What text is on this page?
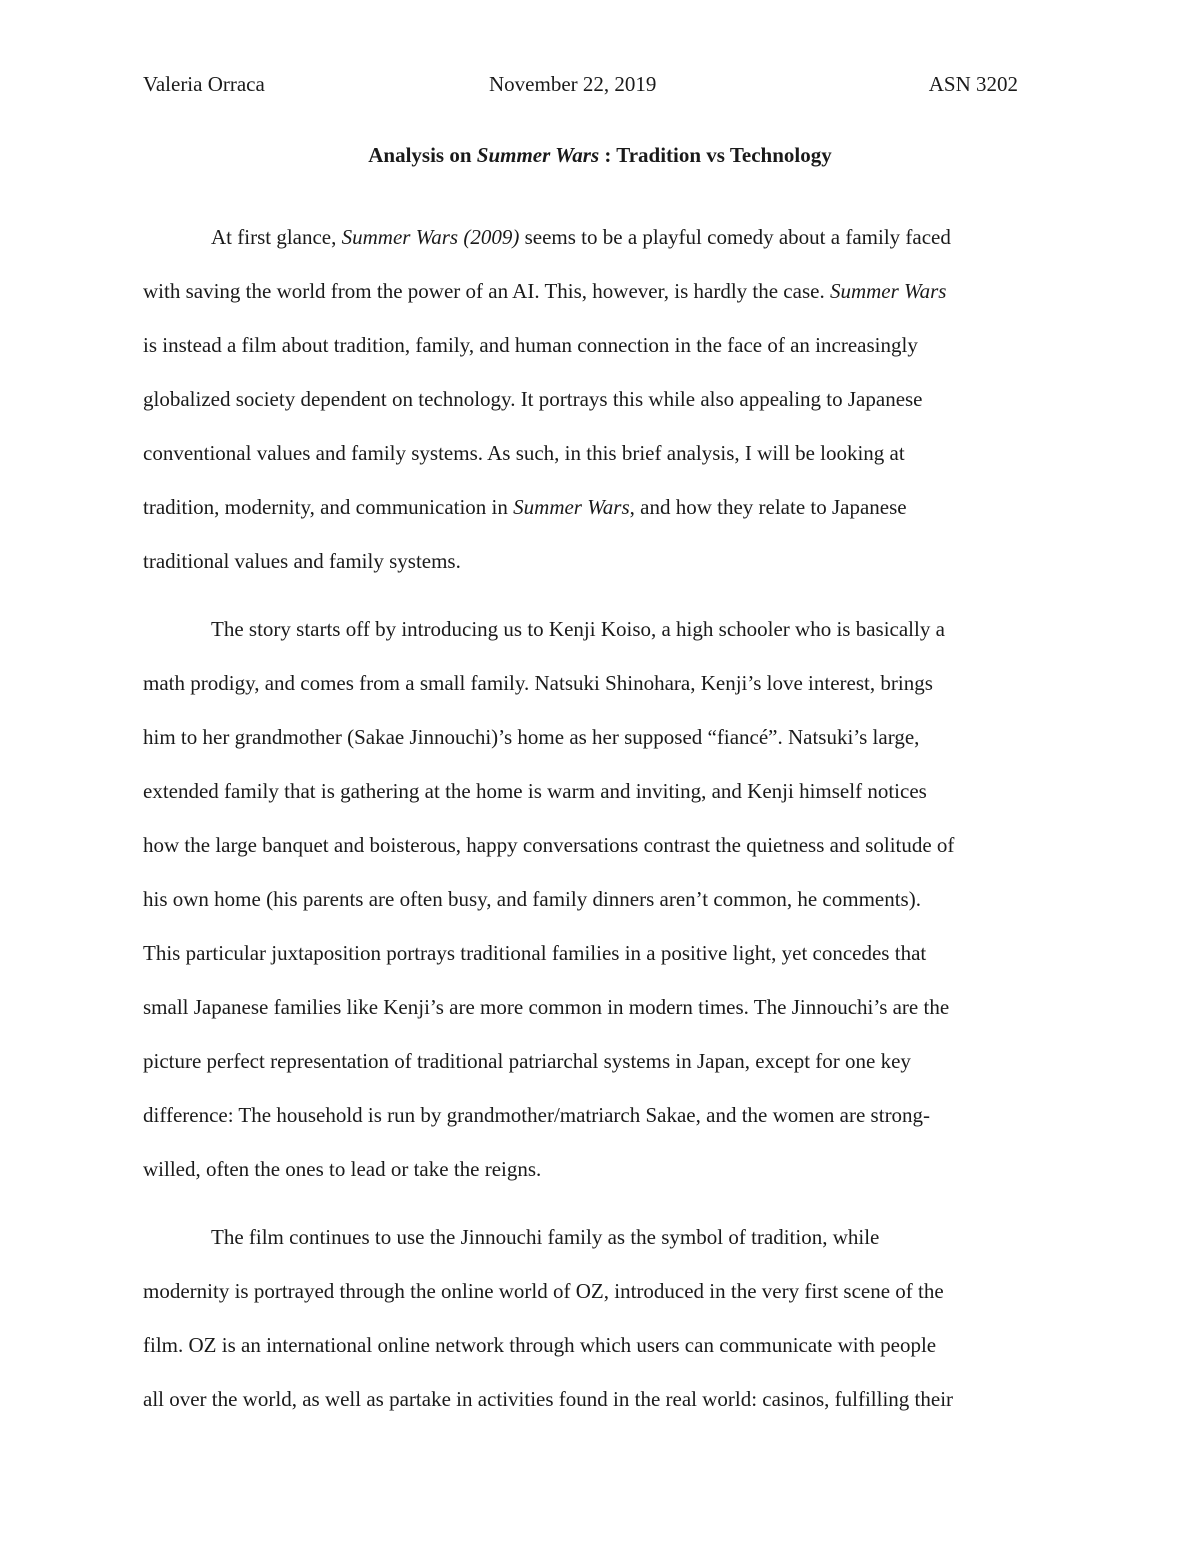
Valeria Orraca	November 22, 2019	ASN 3202
Analysis on Summer Wars : Tradition vs Technology
At first glance, Summer Wars (2009) seems to be a playful comedy about a family faced
with saving the world from the power of an AI. This, however, is hardly the case. Summer Wars
is instead a film about tradition, family, and human connection in the face of an increasingly
globalized society dependent on technology. It portrays this while also appealing to Japanese
conventional values and family systems. As such, in this brief analysis, I will be looking at
tradition, modernity, and communication in Summer Wars, and how they relate to Japanese
traditional values and family systems.
The story starts off by introducing us to Kenji Koiso, a high schooler who is basically a
math prodigy, and comes from a small family. Natsuki Shinohara, Kenji’s love interest, brings
him to her grandmother (Sakae Jinnouchi)’s home as her supposed “fiancé”. Natsuki’s large,
extended family that is gathering at the home is warm and inviting, and Kenji himself notices
how the large banquet and boisterous, happy conversations contrast the quietness and solitude of
his own home (his parents are often busy, and family dinners aren’t common, he comments).
This particular juxtaposition portrays traditional families in a positive light, yet concedes that
small Japanese families like Kenji’s are more common in modern times. The Jinnouchi’s are the
picture perfect representation of traditional patriarchal systems in Japan, except for one key
difference: The household is run by grandmother/matriarch Sakae, and the women are strong-
willed, often the ones to lead or take the reigns.
The film continues to use the Jinnouchi family as the symbol of tradition, while
modernity is portrayed through the online world of OZ, introduced in the very first scene of the
film. OZ is an international online network through which users can communicate with people
all over the world, as well as partake in activities found in the real world: casinos, fulfilling their
